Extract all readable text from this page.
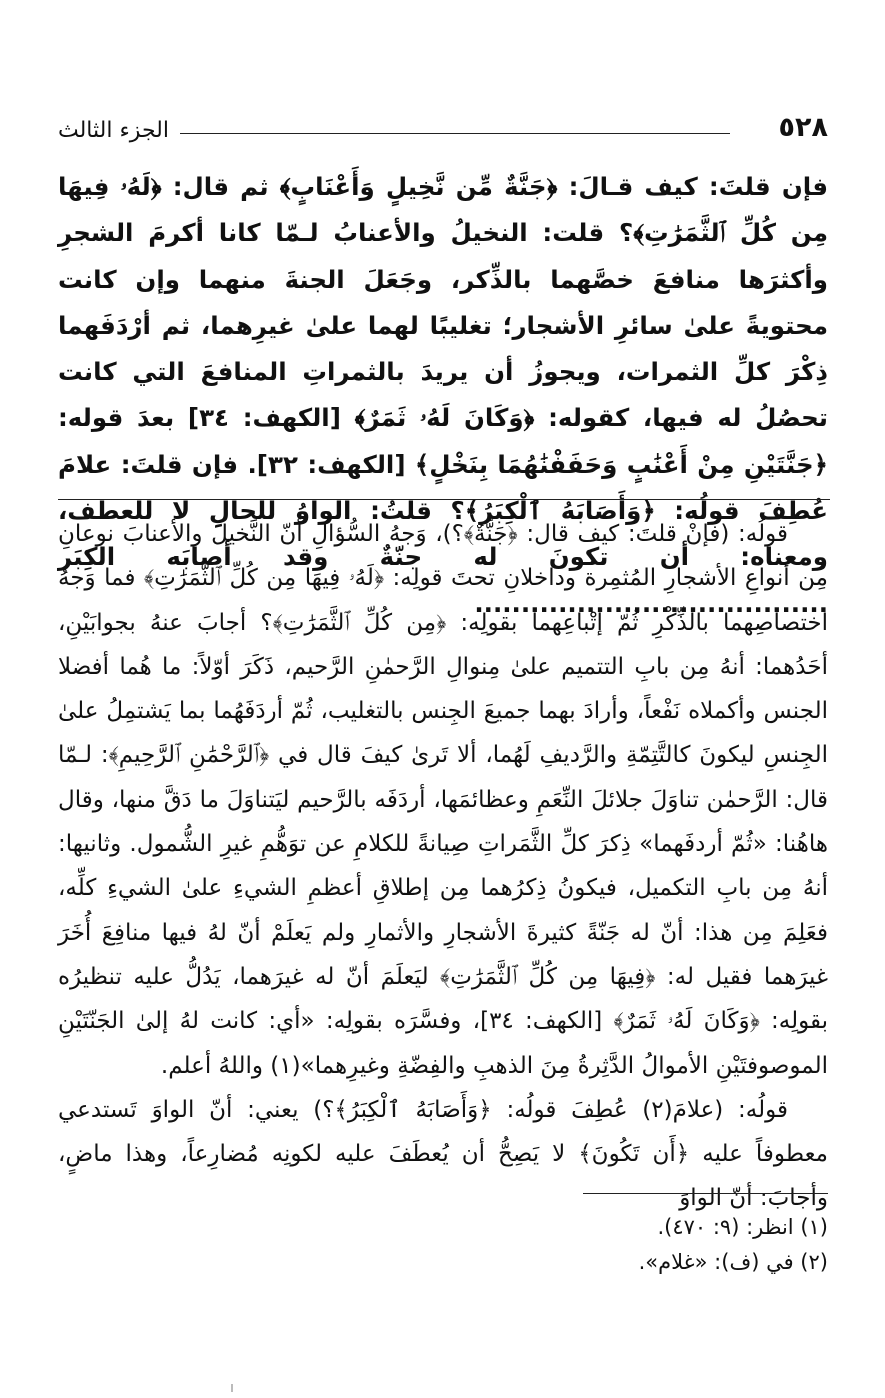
٥٢٨
الجزء الثالث

فإن قلتَ: كيف قـالَ: ﴿جَنَّةٌ مِّن نَّخِيلٍ وَأَعْنَابٍ﴾ ثم قال: ﴿لَهُۥ فِيهَا مِن كُلِّ ٱلثَّمَرَٰتِ﴾؟ قلت: النخيلُ والأعنابُ لـمّا كانا أكرمَ الشجرِ وأكثرَها منافعَ خصَّهما بالذِّكر، وجَعَلَ الجنةَ منهما وإن كانت محتويةً علىٰ سائرِ الأشجار؛ تغليبًا لهما علىٰ غيرِهما، ثم أرْدَفَهما ذِكْرَ كلِّ الثمرات، ويجوزُ أن يريدَ بالثمراتِ المنافعَ التي كانت تحصُلُ له فيها، كقوله: ﴿وَكَانَ لَهُۥ ثَمَرٌ﴾ [الكهف: ٣٤] بعدَ قوله: ﴿جَنَّتَيْنِ مِنْ أَعْنَٰبٍ وَحَفَفْنَٰهُمَا بِنَخْلٍ﴾ [الكهف: ٣٢]. فإن قلتَ: علامَ عُطِفَ قولُه: ﴿وَأَصَابَهُ ٱلْكِبَرُ﴾؟ قلتُ: الواوُ للحالِ لا للعطف، ومعناه: أن تكونَ له جنّةٌ وقد أصابَه الكِبَر ......................................

قولُه: (فإنْ قلتَ: كيف قال: ﴿جَنَّةٌ﴾؟)، وَجهُ السُّؤالِ أنّ النَّخيلَ والأعنابَ نوعانِ مِن أنواعِ الأشجارِ المُثمِرة وداخلانِ تحتَ قولِه: ﴿لَهُۥ فِيهَا مِن كُلِّ ٱلثَّمَرَٰتِ﴾ فما وَجهُ اختصاصِهما بالذِّكْرِ ثُمّ إتْباعِهما بقولِه: ﴿مِن كُلِّ ٱلثَّمَرَٰتِ﴾؟ أجابَ عنهُ بجوابَيْنِ، أحَدُهما: أنهُ مِن بابِ التتميم علىٰ مِنوالِ الرَّحمٰنِ الرَّحيم، ذَكَرَ أوّلاً: ما هُما أفضلا الجنس وأكملاه نَفْعاً، وأرادَ بهما جميعَ الجِنس بالتغليب، ثُمّ أردَفَهُما بما يَشتمِلُ علىٰ الجِنسِ ليكونَ كالتَّتِمّةِ والرَّديفِ لَهُما، ألا تَرىٰ كيفَ قال في ﴿ٱلرَّحْمَٰنِ ٱلرَّحِيمِ﴾: لـمّا قال: الرَّحمٰن تناوَلَ جلائلَ النِّعَمِ وعظائمَها، أردَفَه بالرَّحيم ليَتناوَلَ ما دَقَّ منها، وقال هاهُنا: «ثُمّ أردفَهما» ذِكرَ كلِّ الثَّمَراتِ صِيانةً للكلامِ عن توَهُّمِ غيرِ الشُّمول. وثانيها: أنهُ مِن بابِ التكميل، فيكونُ ذِكرُهما مِن إطلاقِ أعظمِ الشيءِ علىٰ الشيءِ كلِّه، فعَلِمَ مِن هذا: أنّ له جَنّةً كثيرةَ الأشجارِ والأثمارِ ولم يَعلَمْ أنّ لهُ فيها منافِعَ أُخَرَ غيرَهما فقيل له: ﴿فِيهَا مِن كُلِّ ٱلثَّمَرَٰتِ﴾ ليَعلَمَ أنّ له غيرَهما، يَدُلُّ عليه تنظيرُه بقولِه: ﴿وَكَانَ لَهُۥ ثَمَرٌ﴾ [الكهف: ٣٤]، وفسَّرَه بقولِه: «أي: كانت لهُ إلىٰ الجَنّتَيْنِ الموصوفتَيْنِ الأموالُ الدَّثِرةُ مِنَ الذهبِ والفِضّةِ وغيرِهما»(١) واللهُ أعلم.

قولُه: (علامَ(٢) عُطِفَ قولُه: ﴿وَأَصَابَهُ ٱلْكِبَرُ﴾؟) يعني: أنّ الواوَ تَستدعي معطوفاً عليه ﴿أَن تَكُونَ﴾ لا يَصِحُّ أن يُعطَفَ عليه لكونِه مُضارِعاً، وهذا ماضٍ، وأجابَ: أنّ الواوَ

(١) انظر: (٩: ٤٧٠).

(٢) في (ف): «غلام».
